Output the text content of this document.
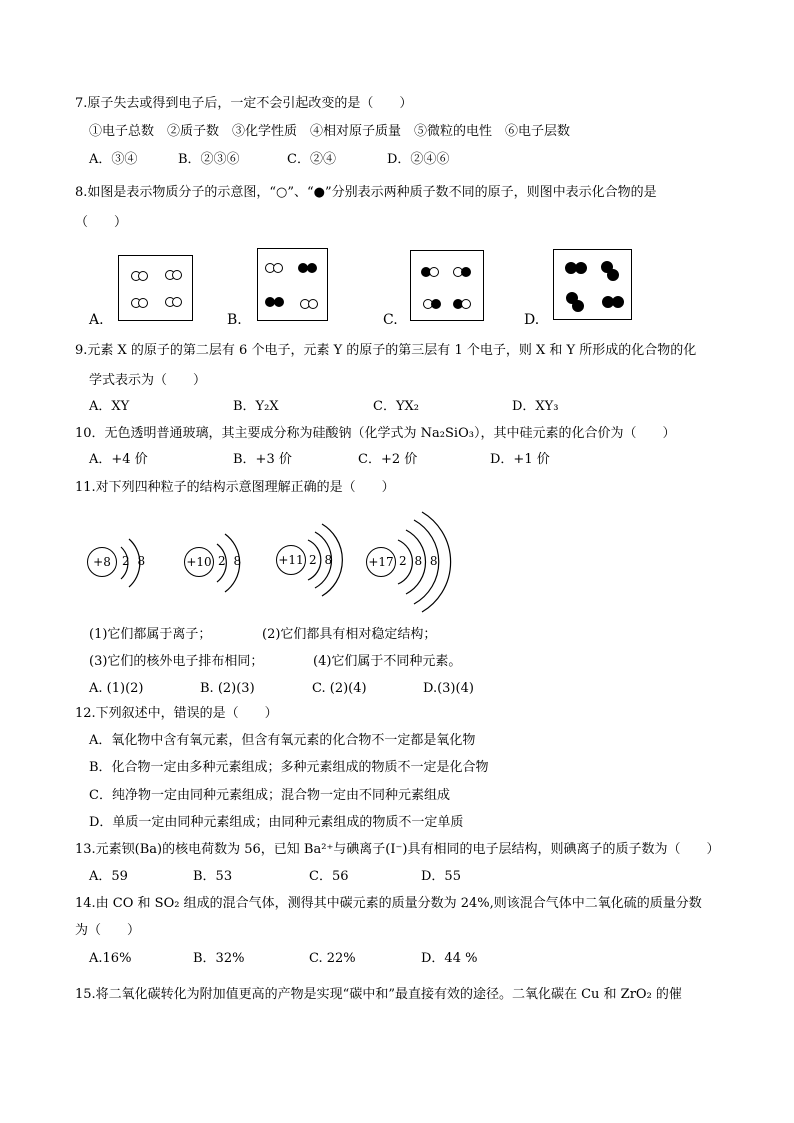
7.原子失去或得到电子后，一定不会引起改变的是（　　）
①电子总数　②质子数　③化学性质　④相对原子质量　⑤微粒的电性　⑥电子层数
A．③④	B．②③⑥	C．②④	D．②④⑥
8.如图是表示物质分子的示意图，“○”、“●”分别表示两种质子数不同的原子，则图中表示化合物的是
（　　）
A.	B.	C.	D.
9.元素 X 的原子的第二层有 6 个电子，元素 Y 的原子的第三层有 1 个电子，则 X 和 Y 所形成的化合物的化
学式表示为（　　）
A．XY	B．Y₂X	C．YX₂	D．XY₃
10．无色透明普通玻璃，其主要成分称为硅酸钠（化学式为 Na₂SiO₃），其中硅元素的化合价为（　　）
A．+4 价	B．+3 价	C．+2 价	D．+1 价
11.对下列四种粒子的结构示意图理解正确的是（　　）
+8 2 8	+10 2 8	+11 2 8	+17 2 8 8
(1)它们都属于离子；	(2)它们都具有相对稳定结构；
(3)它们的核外电子排布相同；	(4)它们属于不同种元素。
A. (1)(2)	B. (2)(3)	C. (2)(4)	D.(3)(4)
12.下列叙述中，错误的是（　　）
A．氧化物中含有氧元素，但含有氧元素的化合物不一定都是氧化物
B．化合物一定由多种元素组成；多种元素组成的物质不一定是化合物
C．纯净物一定由同种元素组成；混合物一定由不同种元素组成
D．单质一定由同种元素组成；由同种元素组成的物质不一定单质
13.元素钡(Ba)的核电荷数为 56，已知 Ba²⁺与碘离子(I⁻)具有相同的电子层结构，则碘离子的质子数为（　　）
A．59	B．53	C．56	D．55
14.由 CO 和 SO₂ 组成的混合气体，测得其中碳元素的质量分数为 24%,则该混合气体中二氧化硫的质量分数
为（　　）
A.16%	B．32%	C. 22%	D．44 %
15.将二氧化碳转化为附加值更高的产物是实现“碳中和”最直接有效的途径。二氧化碳在 Cu 和 ZrO₂ 的催
